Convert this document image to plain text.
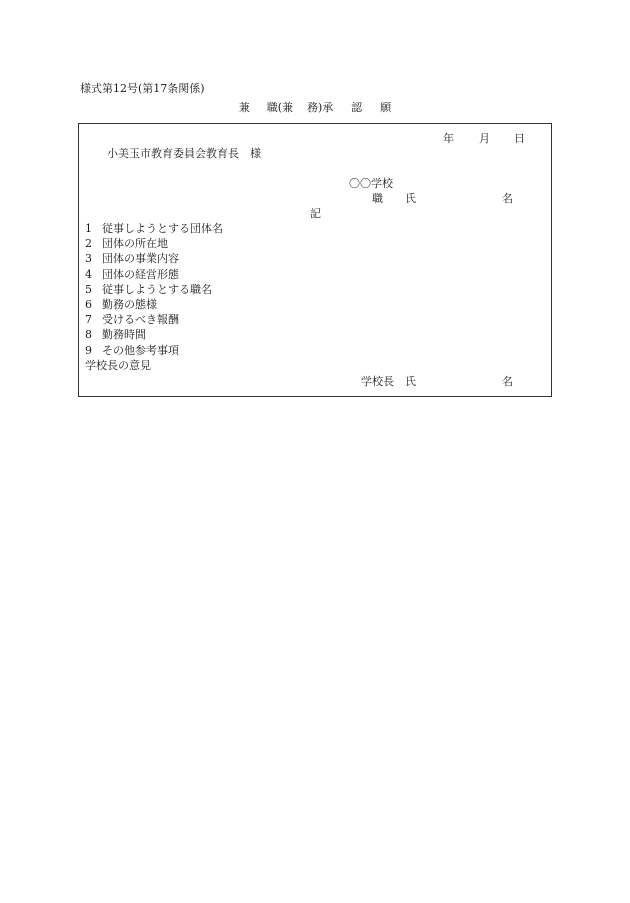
様式第12号(第17条関係)
兼 職(兼 務)承 認 願
年 月 日
小美玉市教育委員会教育長　様
〇〇学校
職 氏	名
記
1 従事しようとする団体名
2 団体の所在地
3 団体の事業内容
4 団体の経営形態
5 従事しようとする職名
6 勤務の態様
7 受けるべき報酬
8 勤務時間
9 その他参考事項
学校長の意見
学校長 氏	名
